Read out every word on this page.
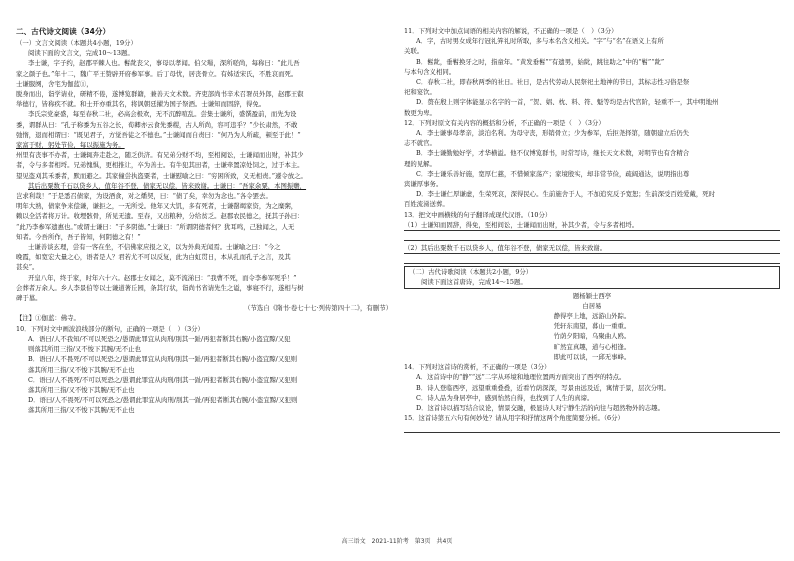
二、古代诗文阅读（34分）

（一）文言文阅读（本题共4小题，19分）

阅读下面的文言文，完成10～13题。

李士谦，字子约，赵郡平棘人也。髫龀丧父，事母以孝闻。伯父瑒，深所嗟尚，每称曰：“此儿吾

家之颜子也。”年十二，魏广平王赞辟开府参军事。后丁母忧，居丧骨立。有姊适宋氏，不胜哀而死。

士谦服阕，舍宅为伽蓝①，

脱身而出，诣学请业，研精不倦，遂博览群籍，兼善天文术数。齐吏部尚书辛术召署员外郎，赵郡王叡

举德行，皆称疾不就。和士开亦重其名，将讽朝廷擢为国子祭酒。士谦知而固辞，得免。

李氏宗党豪盛，每至春秋二社，必高会极欢，无不沉醉喧乱。尝集士谦所，盛馔盈前，而先为设

黍，谓群从曰：“孔子称黍为五谷之长，荀卿亦云食先黍稷，古人所尚，容可违乎？”少长肃然，不敢

弛惰，退而相谓曰：“既见君子，方觉吾徒之不德也。”士谦闻而自责曰：“何乃为人所疏，顿至于此！”

家富于财，躬处节俭，每以振施为务。

州里有丧事不办者，士谦辄奔走赴之，随乏供济。有兄弟分财不均，至相阋讼，士谦闻而出财，补其少

者，令与多者相埒。兄弟愧惧，更相推让，卒为善士。有牛犯其田者，士谦牵置凉处饲之，过于本主。

望见盗刈其禾黍者，默而避之。其家僮尝执盗粟者，士谦慰喻之曰：“穷困所致，义无相责。”遽令放之。

其后出粟数千石以贷乡人，值年谷不登，债家无以偿，皆来致谢。士谦曰：“吾家余粟，本图振赡，

岂求利哉！”于是悉召债家，为设酒食，对之燔契，曰：“债了矣，幸勿为念也。”各令罢去。

明年大熟，债家争来偿谦，谦拒之，一无所受。他年又大饥，多有死者，士谦罄竭家资，为之糜粥，

赖以全活者将万计。收埋骸骨，所见无遗。至春，又出粮种，分给贫乏。赵郡农民德之，抚其子孙曰：

“此乃李参军遗惠也。”或谓士谦曰：“子多阴德。”士谦曰：“所谓阴德者何？犹耳鸣，己独闻之，人无

知者。今吾所作，吾子皆知，何阴德之有！”

士谦善谈玄理，尝有一客在坐，不信佛家应报之义，以为外典无闻焉。士谦喻之曰：“今之

晚霞，如宽宏大量之心，语者是人？君若尤不可以反复，此为白虹贯日，本从孔而孔子之言，及其

甚矣”。

开皇八年，终于家，时年六十六。赵郡士女闻之，莫不流涕曰：“我曹不死，而令李参军死乎！”

会葬者万余人。乡人李景伯等以士谦道著丘园，条其行状，诣尚书省请先生之谥，事寝不行，遂相与树

碑于墓。

（节选自《隋书·卷七十七·列传第四十二》，有删节）

【注】①伽蓝：佛寺。

10．下列对文中画波浪线部分的断句，正确的一项是（　）（3分）

A．语曰/人不我知/不可以死恐之/愚谓此罪宜从肉刑/刖其一趾/再犯者断其右腕/小盗宜黥/又犯

则落其所用三指/又不悛下其腕/无不止也

B．语曰/人不畏死/不可以死恐之/愚谓此罪宜从肉刑/刖其一趾/再犯者断其右腕/小盗宜黥/又犯则

落其所用三指/又不悛下其腕/无不止也

C．语曰/人不畏死/不可以死恐之/愚谓此罪宜从肉刑/刖其一趾/再犯者断其右腕/小盗宜黥/又犯则

落其所用三指/又不悛下其腕/无不止也

D．语曰/人不畏死/不可以死恐之/愚谓此罪宜从肉刑/刖其一趾/再犯者断其右腕/小盗宜黥/又犯则

落其所用三指/又不悛下其腕/无不止也

11．下列对文中加点词语的相关内容的解说，不正确的一项是（　）（3分）

A．字，古时男女成年行冠礼笄礼时所取，多与本名含义相关。“字”与“名”在语义上有所

关联。

B．髫龀，垂髫换牙之时，指童年。“黄发垂髫”“有遗男，始龀，跳往助之”中的“髫”“龀”

与本句含义相同。

C．春秋二社，即春秋两季的社日。社日，是古代劳动人民祭祀土地神的节日，其标志性习俗是祭

祀和宴饮。

D．赘在殷上则字体能显示名字的一首，“贺、娼、枕、料、符、魁等均是古代官阶，轻重不一，其中明地州

数更为卑。

12．下列对原文有关内容的概括和分析，不正确的一项是（　）（3分）

A．李士谦事母孝亲，淡泊名利。为母守丧，形销骨立；少为参军，后拒尧择第，随朝建立后仍失

志不就官。

B．李士谦勤勉好学，才华横溢。他不仅博览群书，时常写诗，继长天文术数，对明节也有含精合

理的见解。

C．李士谦乐善好施，宽厚仁慈，不惜倾家荡产；家境殷实，却非常节俭，疏阔通达，说明指出尊

宾谦厚事务。

D．李士谦仁厚谦虚，生荣死哀，深得民心。生前施舍于人，不加追究反予宽恕；生前深受百姓爱戴，死时

百姓流涕送葬。

13．把文中画横线的句子翻译成现代汉语。（10分）

（1）士谦知而固辞，得免，至相间讼，士谦闻而出财，补其少者，令与多者相埒。

（2）其后出粟数千石以贷乡人，值年谷不登，债家无以偿，皆来致谢。

（二）古代诗歌阅读（本题共2小题，9分）

阅读下面这首唐诗，完成14～15题。

题杨颖士西亭

白居易

静得亭上地，远游山外踪。

凭轩东南望，暮山一重重。

竹荫夕阳暗，乌聚曲人鸥。

旷然宜真趣，道与心相逢。

即此可以谈，一邱无事峰。

14．下列对这首诗的赏析，不正确的一项是（3分）

A．这首诗中的“静”“远”二字从环境和地理位置两方面突出了西亭的特点。

B．诗人登临西亭，远望重重叠叠，近看竹荫深深，写景由远及近，寓情于景，层次分明。

C．诗人品为身居亭中，感到怡然自得，也找到了人生的真谛。

D．这首诗以描写结合议论，情景交融，极显诗人对宁静生活的向往与超然物外的志趣。

15．这首诗第五六句有何妙处？请从用字和抒情这两个角度简要分析。（6分）

高三语文　2021-11阶考　第3页　共4页
